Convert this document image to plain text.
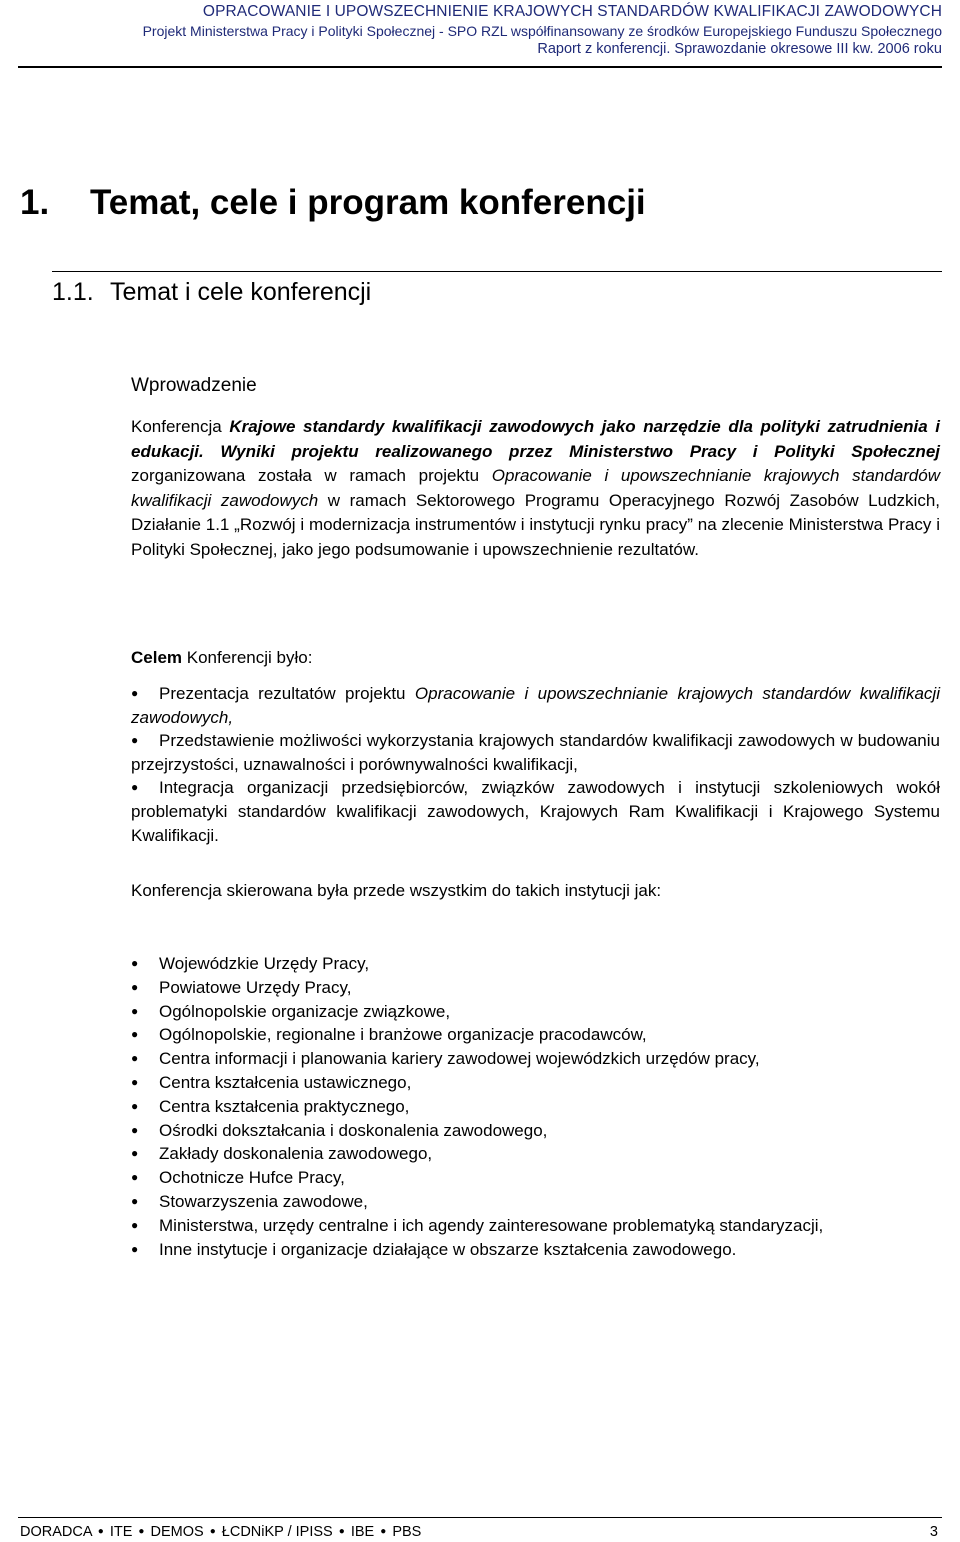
OPRACOWANIE I UPOWSZECHNIENIE KRAJOWYCH STANDARDÓW KWALIFIKACJI ZAWODOWYCH
Projekt Ministerstwa Pracy i Polityki Społecznej - SPO RZL współfinansowany ze środków Europejskiego Funduszu Społecznego
Raport z konferencji. Sprawozdanie okresowe III kw. 2006 roku
1. Temat, cele i program konferencji
1.1. Temat i cele konferencji
Wprowadzenie
Konferencja Krajowe standardy kwalifikacji zawodowych jako narzędzie dla polityki zatrudnienia i edukacji. Wyniki projektu realizowanego przez Ministerstwo Pracy i Polityki Społecznej zorganizowana została w ramach projektu Opracowanie i upowszechnianie krajowych standardów kwalifikacji zawodowych w ramach Sektorowego Programu Operacyjnego Rozwój Zasobów Ludzkich, Działanie 1.1 „Rozwój i modernizacja instrumentów i instytucji rynku pracy” na zlecenie Ministerstwa Pracy i Polityki Społecznej, jako jego podsumowanie i upowszechnienie rezultatów.
Celem Konferencji było:
● Prezentacja rezultatów projektu Opracowanie i upowszechnianie krajowych standardów kwalifikacji zawodowych,
● Przedstawienie możliwości wykorzystania krajowych standardów kwalifikacji zawodowych w budowaniu przejrzystości, uznawalności i porównywalności kwalifikacji,
● Integracja organizacji przedsiębiorców, związków zawodowych i instytucji szkoleniowych wokół problematyki standardów kwalifikacji zawodowych, Krajowych Ram Kwalifikacji i Krajowego Systemu Kwalifikacji.
Konferencja skierowana była przede wszystkim do takich instytucji jak:
● Wojewódzkie Urzędy Pracy,
● Powiatowe Urzędy Pracy,
● Ogólnopolskie organizacje związkowe,
● Ogólnopolskie, regionalne i branżowe organizacje pracodawców,
● Centra informacji i planowania kariery zawodowej wojewódzkich urzędów pracy,
● Centra kształcenia ustawicznego,
● Centra kształcenia praktycznego,
● Ośrodki dokształcania i doskonalenia zawodowego,
● Zakłady doskonalenia zawodowego,
● Ochotnicze Hufce Pracy,
● Stowarzyszenia zawodowe,
● Ministerstwa, urzędy centralne i ich agendy zainteresowane problematyką standaryzacji,
● Inne instytucje i organizacje działające w obszarze kształcenia zawodowego.
DORADCA ● ITE ● DEMOS ● ŁCDNiKP / IPISS ● IBE ● PBS	3
